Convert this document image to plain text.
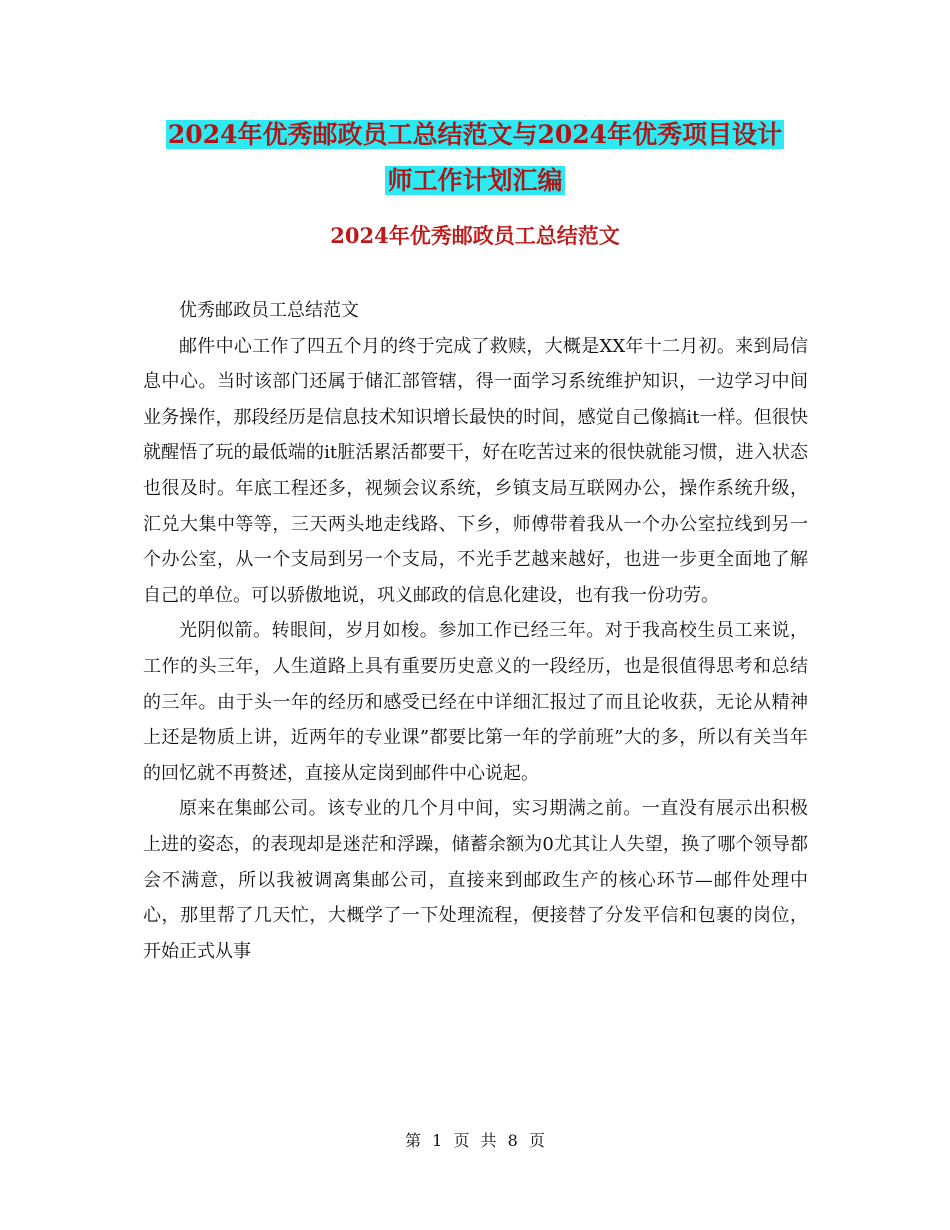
2024年优秀邮政员工总结范文与2024年优秀项目设计
师工作计划汇编
2024年优秀邮政员工总结范文

优秀邮政员工总结范文

邮件中心工作了四五个月的终于完成了救赎，大概是XX年十二月初。来到局信息中心。当时该部门还属于储汇部管辖，得一面学习系统维护知识，一边学习中间业务操作，那段经历是信息技术知识增长最快的时间，感觉自己像搞it一样。但很快就醒悟了玩的最低端的it脏活累活都要干，好在吃苦过来的很快就能习惯，进入状态也很及时。年底工程还多，视频会议系统，乡镇支局互联网办公，操作系统升级，汇兑大集中等等，三天两头地走线路、下乡，师傅带着我从一个办公室拉线到另一个办公室，从一个支局到另一个支局，不光手艺越来越好，也进一步更全面地了解自己的单位。可以骄傲地说，巩义邮政的信息化建设，也有我一份功劳。

光阴似箭。转眼间，岁月如梭。参加工作已经三年。对于我高校生员工来说，工作的头三年，人生道路上具有重要历史意义的一段经历，也是很值得思考和总结的三年。由于头一年的经历和感受已经在中详细汇报过了而且论收获，无论从精神上还是物质上讲，近两年的专业课”都要比第一年的学前班”大的多，所以有关当年的回忆就不再赘述，直接从定岗到邮件中心说起。

原来在集邮公司。该专业的几个月中间，实习期满之前。一直没有展示出积极上进的姿态，的表现却是迷茫和浮躁，储蓄余额为0尤其让人失望，换了哪个领导都会不满意，所以我被调离集邮公司，直接来到邮政生产的核心环节—邮件处理中心，那里帮了几天忙，大概学了一下处理流程，便接替了分发平信和包裹的岗位，开始正式从事

第 1 页 共 8 页
